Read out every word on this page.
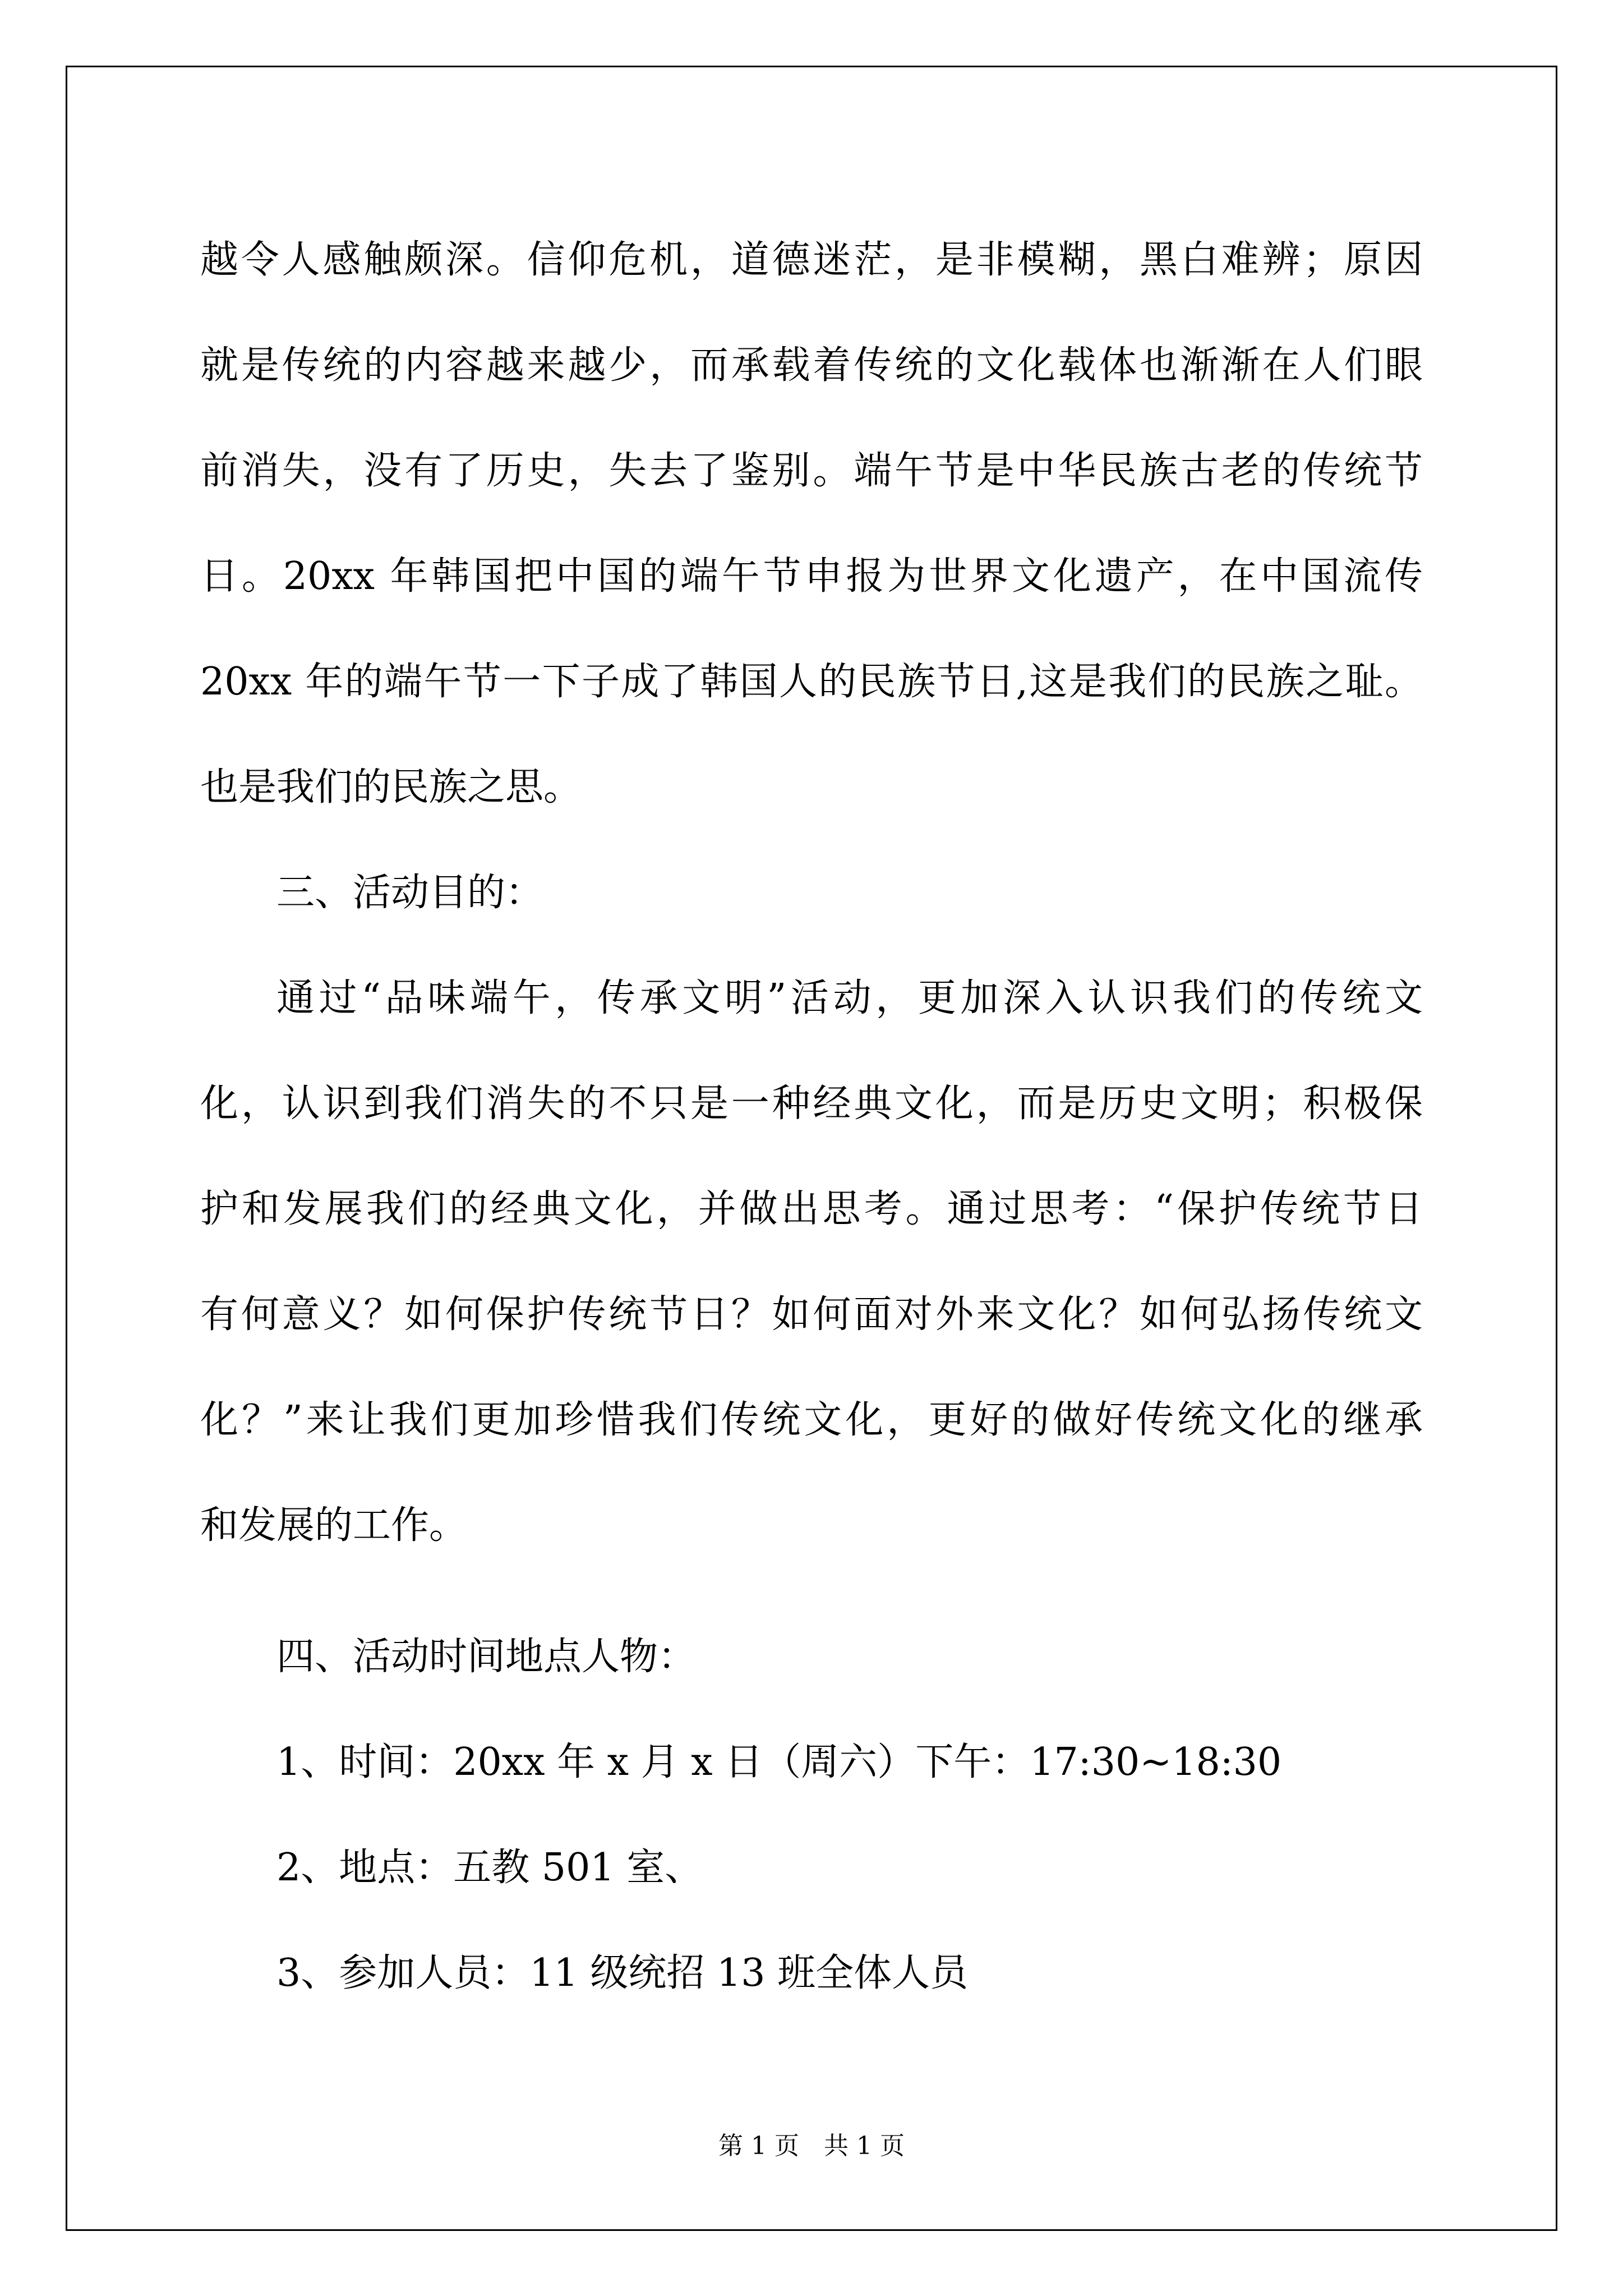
越令人感触颇深。信仰危机，道德迷茫，是非模糊，黑白难辨；原因
就是传统的内容越来越少，而承载着传统的文化载体也渐渐在人们眼
前消失，没有了历史，失去了鉴别。端午节是中华民族古老的传统节
日。20xx 年韩国把中国的端午节申报为世界文化遗产，在中国流传
20xx 年的端午节一下子成了韩国人的民族节日,这是我们的民族之耻。
也是我们的民族之思。
三、活动目的：
通过“品味端午，传承文明”活动，更加深入认识我们的传统文
化，认识到我们消失的不只是一种经典文化，而是历史文明；积极保
护和发展我们的经典文化，并做出思考。通过思考：“保护传统节日
有何意义？如何保护传统节日？如何面对外来文化？如何弘扬传统文
化？”来让我们更加珍惜我们传统文化，更好的做好传统文化的继承
和发展的工作。
四、活动时间地点人物：
1、时间：20xx 年 x 月 x 日（周六）下午：17:30~18:30
2、地点：五教 501 室、
3、参加人员：11 级统招 13 班全体人员
第 1 页　共 1 页
